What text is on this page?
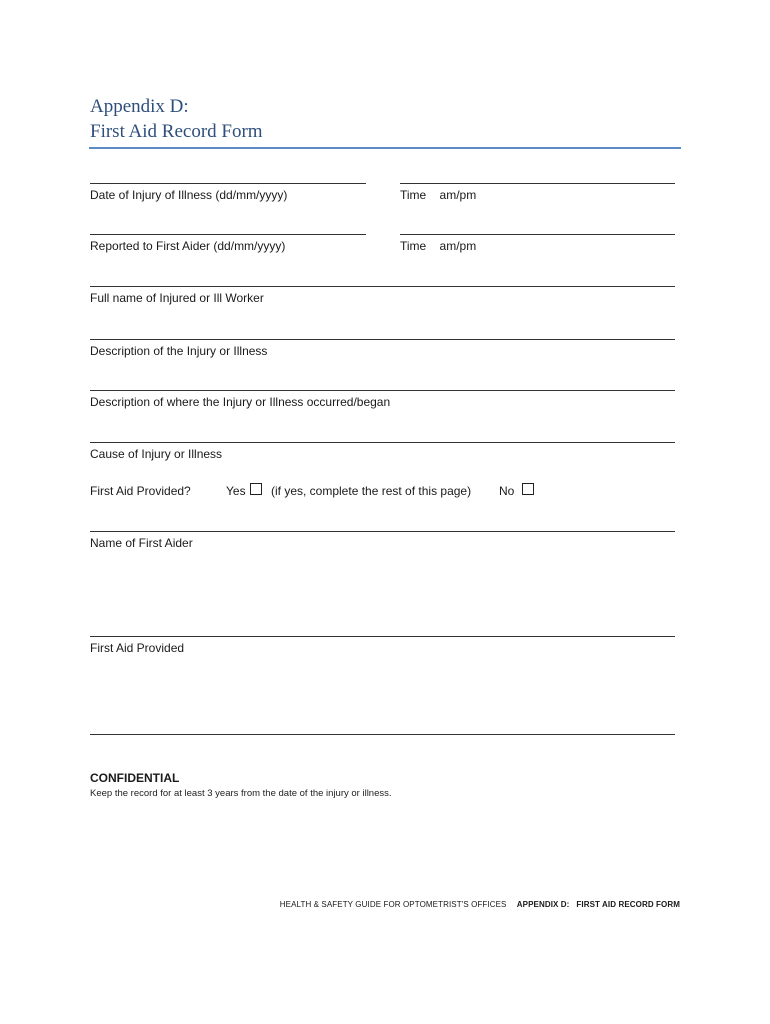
Appendix D:
First Aid Record Form
Date of Injury of Illness (dd/mm/yyyy)	Time    am/pm
Reported to First Aider (dd/mm/yyyy)	Time    am/pm
Full name of Injured or Ill Worker
Description of the Injury or Illness
Description of where the Injury or Illness occurred/began
Cause of Injury or Illness
First Aid Provided?	Yes (if yes, complete the rest of this page) No
Name of First Aider
First Aid Provided
CONFIDENTIAL
Keep the record for at least 3 years from the date of the injury or illness.
HEALTH & SAFETY GUIDE FOR OPTOMETRIST'S OFFICES APPENDIX D:   FIRST AID RECORD FORM
